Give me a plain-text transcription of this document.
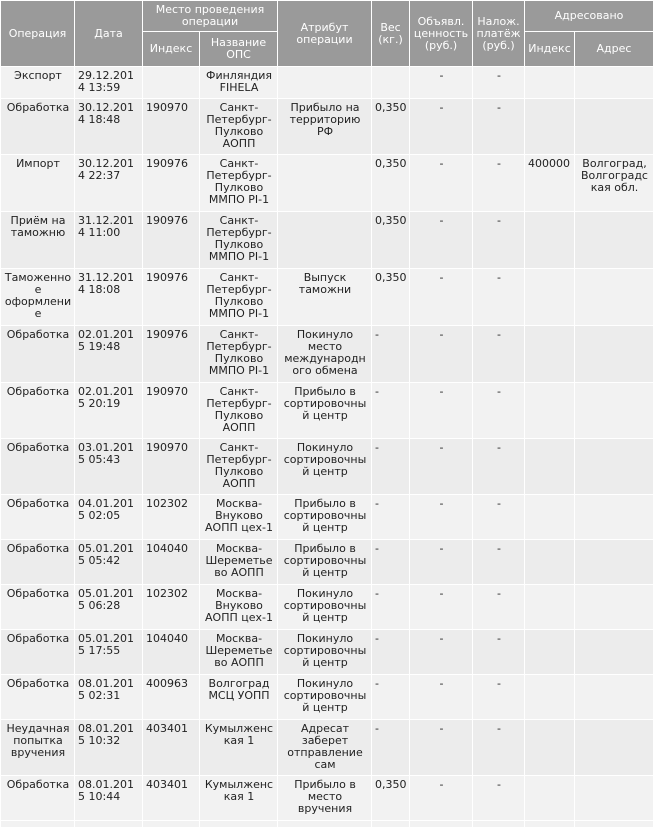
Операция	Дата	Место проведения операции		Атрибут операции	Вес (кг.)	Объявл. ценность (руб.)	Налож. платёж (руб.)	Адресовано	
		Индекс	Название ОПС					Индекс	Адрес
Экспорт	29.12.2014 13:59		Финляндия FIHELA			-	-		
Обработка	30.12.2014 18:48	190970	Санкт-Петербург-Пулково АОПП	Прибыло на территорию РФ	0,350	-	-		
Импорт	30.12.2014 22:37	190976	Санкт-Петербург-Пулково ММПО PI-1		0,350	-	-	400000	Волгоград, Волгоградская обл.
Приём на таможню	31.12.2014 11:00	190976	Санкт-Петербург-Пулково ММПО PI-1		0,350	-	-		
Таможенное оформление	31.12.2014 18:08	190976	Санкт-Петербург-Пулково ММПО PI-1	Выпуск таможни	0,350	-	-		
Обработка	02.01.2015 19:48	190976	Санкт-Петербург-Пулково ММПО PI-1	Покинуло место международного обмена	-	-	-		
Обработка	02.01.2015 20:19	190970	Санкт-Петербург-Пулково АОПП	Прибыло в сортировочный центр	-	-	-		
Обработка	03.01.2015 05:43	190970	Санкт-Петербург-Пулково АОПП	Покинуло сортировочный центр	-	-	-		
Обработка	04.01.2015 02:05	102302	Москва-Внуково АОПП цех-1	Прибыло в сортировочный центр	-	-	-		
Обработка	05.01.2015 05:42	104040	Москва-Шереметьево АОПП	Прибыло в сортировочный центр	-	-	-		
Обработка	05.01.2015 06:28	102302	Москва-Внуково АОПП цех-1	Покинуло сортировочный центр	-	-	-		
Обработка	05.01.2015 17:55	104040	Москва-Шереметьево АОПП	Покинуло сортировочный центр	-	-	-		
Обработка	08.01.2015 02:31	400963	Волгоград МСЦ УОПП	Покинуло сортировочный центр	-	-	-		
Неудачная попытка вручения	08.01.2015 10:32	403401	Кумылженская 1	Адресат заберет отправление сам	-	-	-		
Обработка	08.01.2015 10:44	403401	Кумылженская 1	Прибыло в место вручения	0,350	-	-		
